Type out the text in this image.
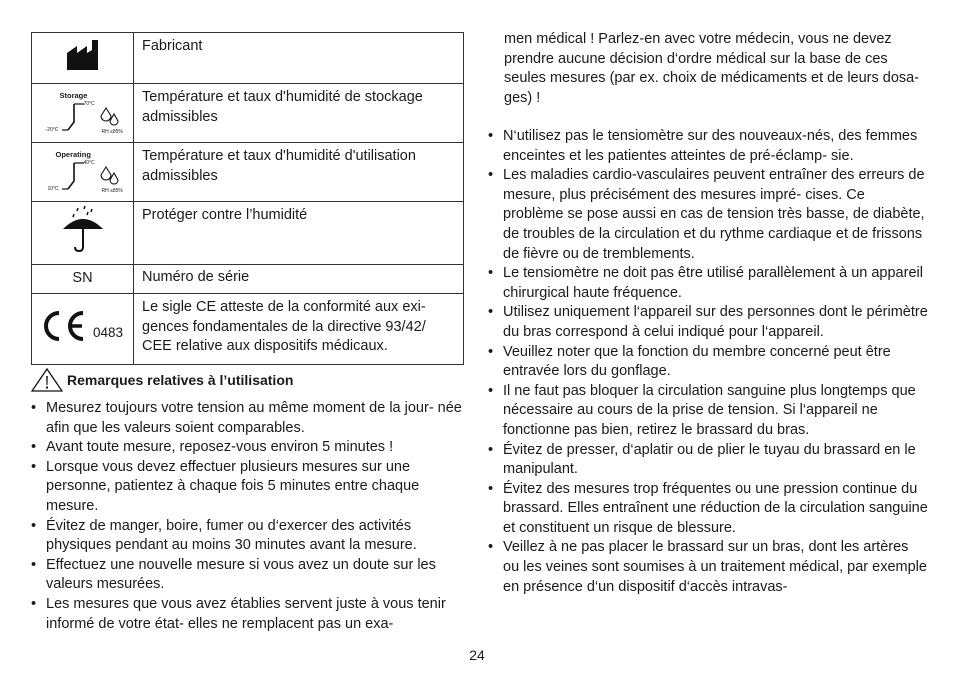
	Fabricant

Storage
70°C
-20°C RH ≤85%	Température et taux d'humidité de stockage admissibles

Operating
40°C
10°C RH ≤85%	Température et taux d'humidité d'utilisation admissibles
	Protéger contre l’humidité
SN	Numéro de série

0483	Le sigle CE atteste de la conformité aux exi- gences fondamentales de la directive 93/42/ CEE relative aux dispositifs médicaux.
Remarques relatives à l’utilisation
• Mesurez toujours votre tension au même moment de la jour- née afin que les valeurs soient comparables.
• Avant toute mesure, reposez-vous environ 5 minutes !
• Lorsque vous devez effectuer plusieurs mesures sur une personne, patientez à chaque fois 5 minutes entre chaque mesure.
• Évitez de manger, boire, fumer ou d‘exercer des activités physiques pendant au moins 30 minutes avant la mesure.
• Effectuez une nouvelle mesure si vous avez un doute sur les valeurs mesurées.
• Les mesures que vous avez établies servent juste à vous tenir informé de votre état- elles ne remplacent pas un exa-
men médical ! Parlez-en avec votre médecin, vous ne devez prendre aucune décision d‘ordre médical sur la base de ces seules mesures (par ex. choix de médicaments et de leurs dosa- ges) !
• N‘utilisez pas le tensiomètre sur des nouveaux-nés, des femmes enceintes et les patientes atteintes de pré-éclamp- sie.
• Les maladies cardio-vasculaires peuvent entraîner des erreurs de mesure, plus précisément des mesures impré- cises. Ce problème se pose aussi en cas de tension très basse, de diabète, de troubles de la circulation et du rythme cardiaque et de frissons de fièvre ou de tremblements.
• Le tensiomètre ne doit pas être utilisé parallèlement à un appareil chirurgical haute fréquence.
• Utilisez uniquement l‘appareil sur des personnes dont le périmètre du bras correspond à celui indiqué pour l‘appareil.
• Veuillez noter que la fonction du membre concerné peut être entravée lors du gonflage.
• Il ne faut pas bloquer la circulation sanguine plus longtemps que nécessaire au cours de la prise de tension. Si l‘appareil ne fonctionne pas bien, retirez le brassard du bras.
• Évitez de presser, d‘aplatir ou de plier le tuyau du brassard en le manipulant.
• Évitez des mesures trop fréquentes ou une pression continue du brassard. Elles entraînent une réduction de la circulation sanguine et constituent un risque de blessure.
• Veillez à ne pas placer le brassard sur un bras, dont les artères ou les veines sont soumises à un traitement médical, par exemple en présence d‘un dispositif d‘accès intravas-
24
